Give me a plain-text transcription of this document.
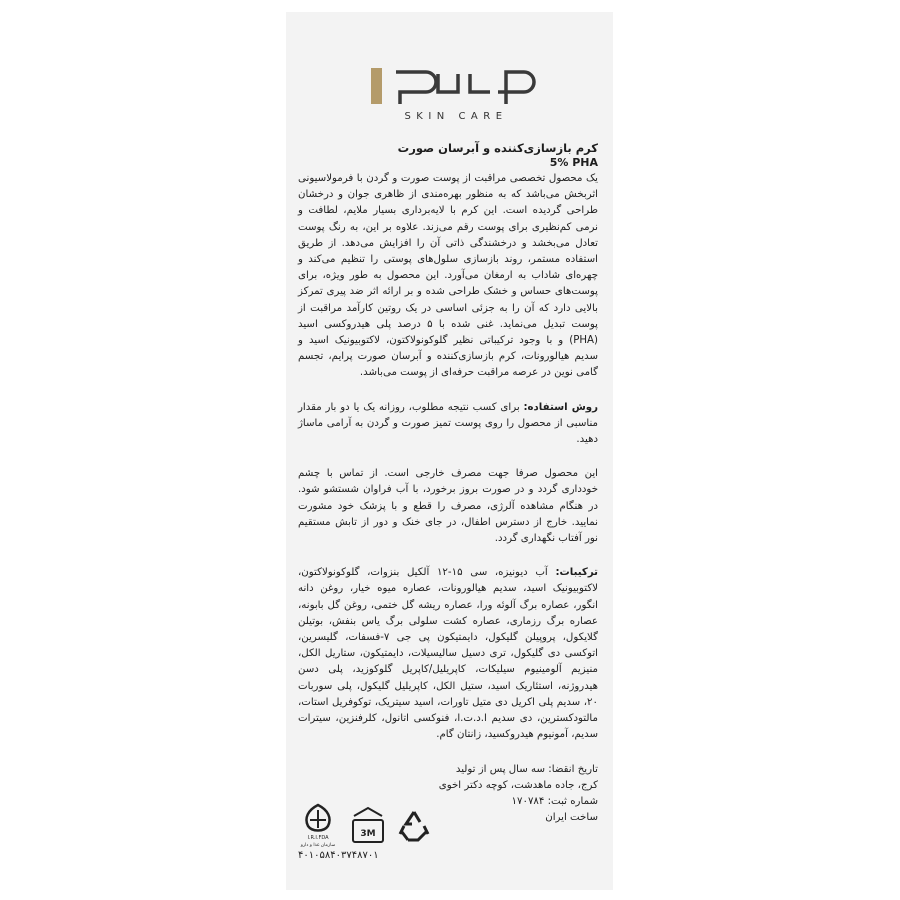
SKIN CARE

کرم بازسازی‌کننده و آبرسان صورت

5% PHA

یک محصول تخصصی مراقبت از پوست صورت و گردن با فرمولاسیونی اثربخش می‌باشد که به منظور بهره‌مندی از ظاهری جوان و درخشان طراحی گردیده است. این کرم با لایه‌برداری بسیار ملایم، لطافت و نرمی کم‌نظیری برای پوست رقم می‌زند. علاوه بر این، به رنگ پوست تعادل می‌بخشد و درخشندگی ذاتی آن را افزایش می‌دهد. از طریق استفاده مستمر، روند بازسازی سلول‌های پوستی را تنظیم می‌کند و چهره‌ای شاداب به ارمغان می‌آورد. این محصول به طور ویژه، برای پوست‌های حساس و خشک طراحی شده و بر ارائه اثر ضد پیری تمرکز بالایی دارد که آن را به جزئی اساسی در یک روتین کارآمد مراقبت از پوست تبدیل می‌نماید. غنی شده با ۵ درصد پلی هیدروکسی اسید (PHA) و با وجود ترکیباتی نظیر گلوکونولاکتون، لاکتوبیونیک اسید و سدیم هیالورونات، کرم بازسازی‌کننده و آبرسان صورت پرایم، تجسم گامی نوین در عرصه مراقبت حرفه‌ای از پوست می‌باشد.

روش استفاده: برای کسب نتیجه مطلوب، روزانه یک یا دو بار مقدار مناسبی از محصول را روی پوست تمیز صورت و گردن به آرامی ماساژ دهید.

این محصول صرفا جهت مصرف خارجی است. از تماس با چشم خودداری گردد و در صورت بروز برخورد، با آب فراوان شستشو شود. در هنگام مشاهده آلرژی، مصرف را قطع و با پزشک خود مشورت نمایید. خارج از دسترس اطفال، در جای خنک و دور از تابش مستقیم نور آفتاب نگهداری گردد.

ترکیبات: آب دیونیزه، سی ۱۵-۱۲ آلکیل بنزوات، گلوکونولاکتون، لاکتوبیونیک اسید، سدیم هیالورونات، عصاره میوه خیار، روغن دانه انگور، عصاره برگ آلوئه ورا، عصاره ریشه گل ختمی، روغن گل بابونه، عصاره برگ رزماری، عصاره کشت سلولی برگ یاس بنفش، بوتیلن گلایکول، پروپیلن گلیکول، دایمتیکون پی جی ۷-فسفات، گلیسرین، اتوکسی دی گلیکول، تری دسیل سالیسیلات، دایمتیکون، ستاریل الکل، منیزیم آلومینیوم سیلیکات، کاپریلیل/کاپریل گلوکوزید، پلی دسن هیدروژنه، استئاریک اسید، ستیل الکل، کاپریلیل گلیکول، پلی سوربات ۲۰، سدیم پلی اکریل دی متیل تاورات، اسید سیتریک، توکوفریل استات، مالتودکسترین، دی سدیم ا.د.ت.ا، فنوکسی اتانول، کلرفنزین، سیترات سدیم، آمونیوم هیدروکسید، زانتان گام.

تاریخ انقضا: سه سال پس از تولید
کرج، جاده ماهدشت، کوچه دکتر اخوی
شماره ثبت: ۱۷۰۷۸۴
ساخت ایران
I.R.I.FDA
سازمان غذا و دارو
3M
۴۰۱۰۵۸۴۰۳۷۴۸۷۰۱
